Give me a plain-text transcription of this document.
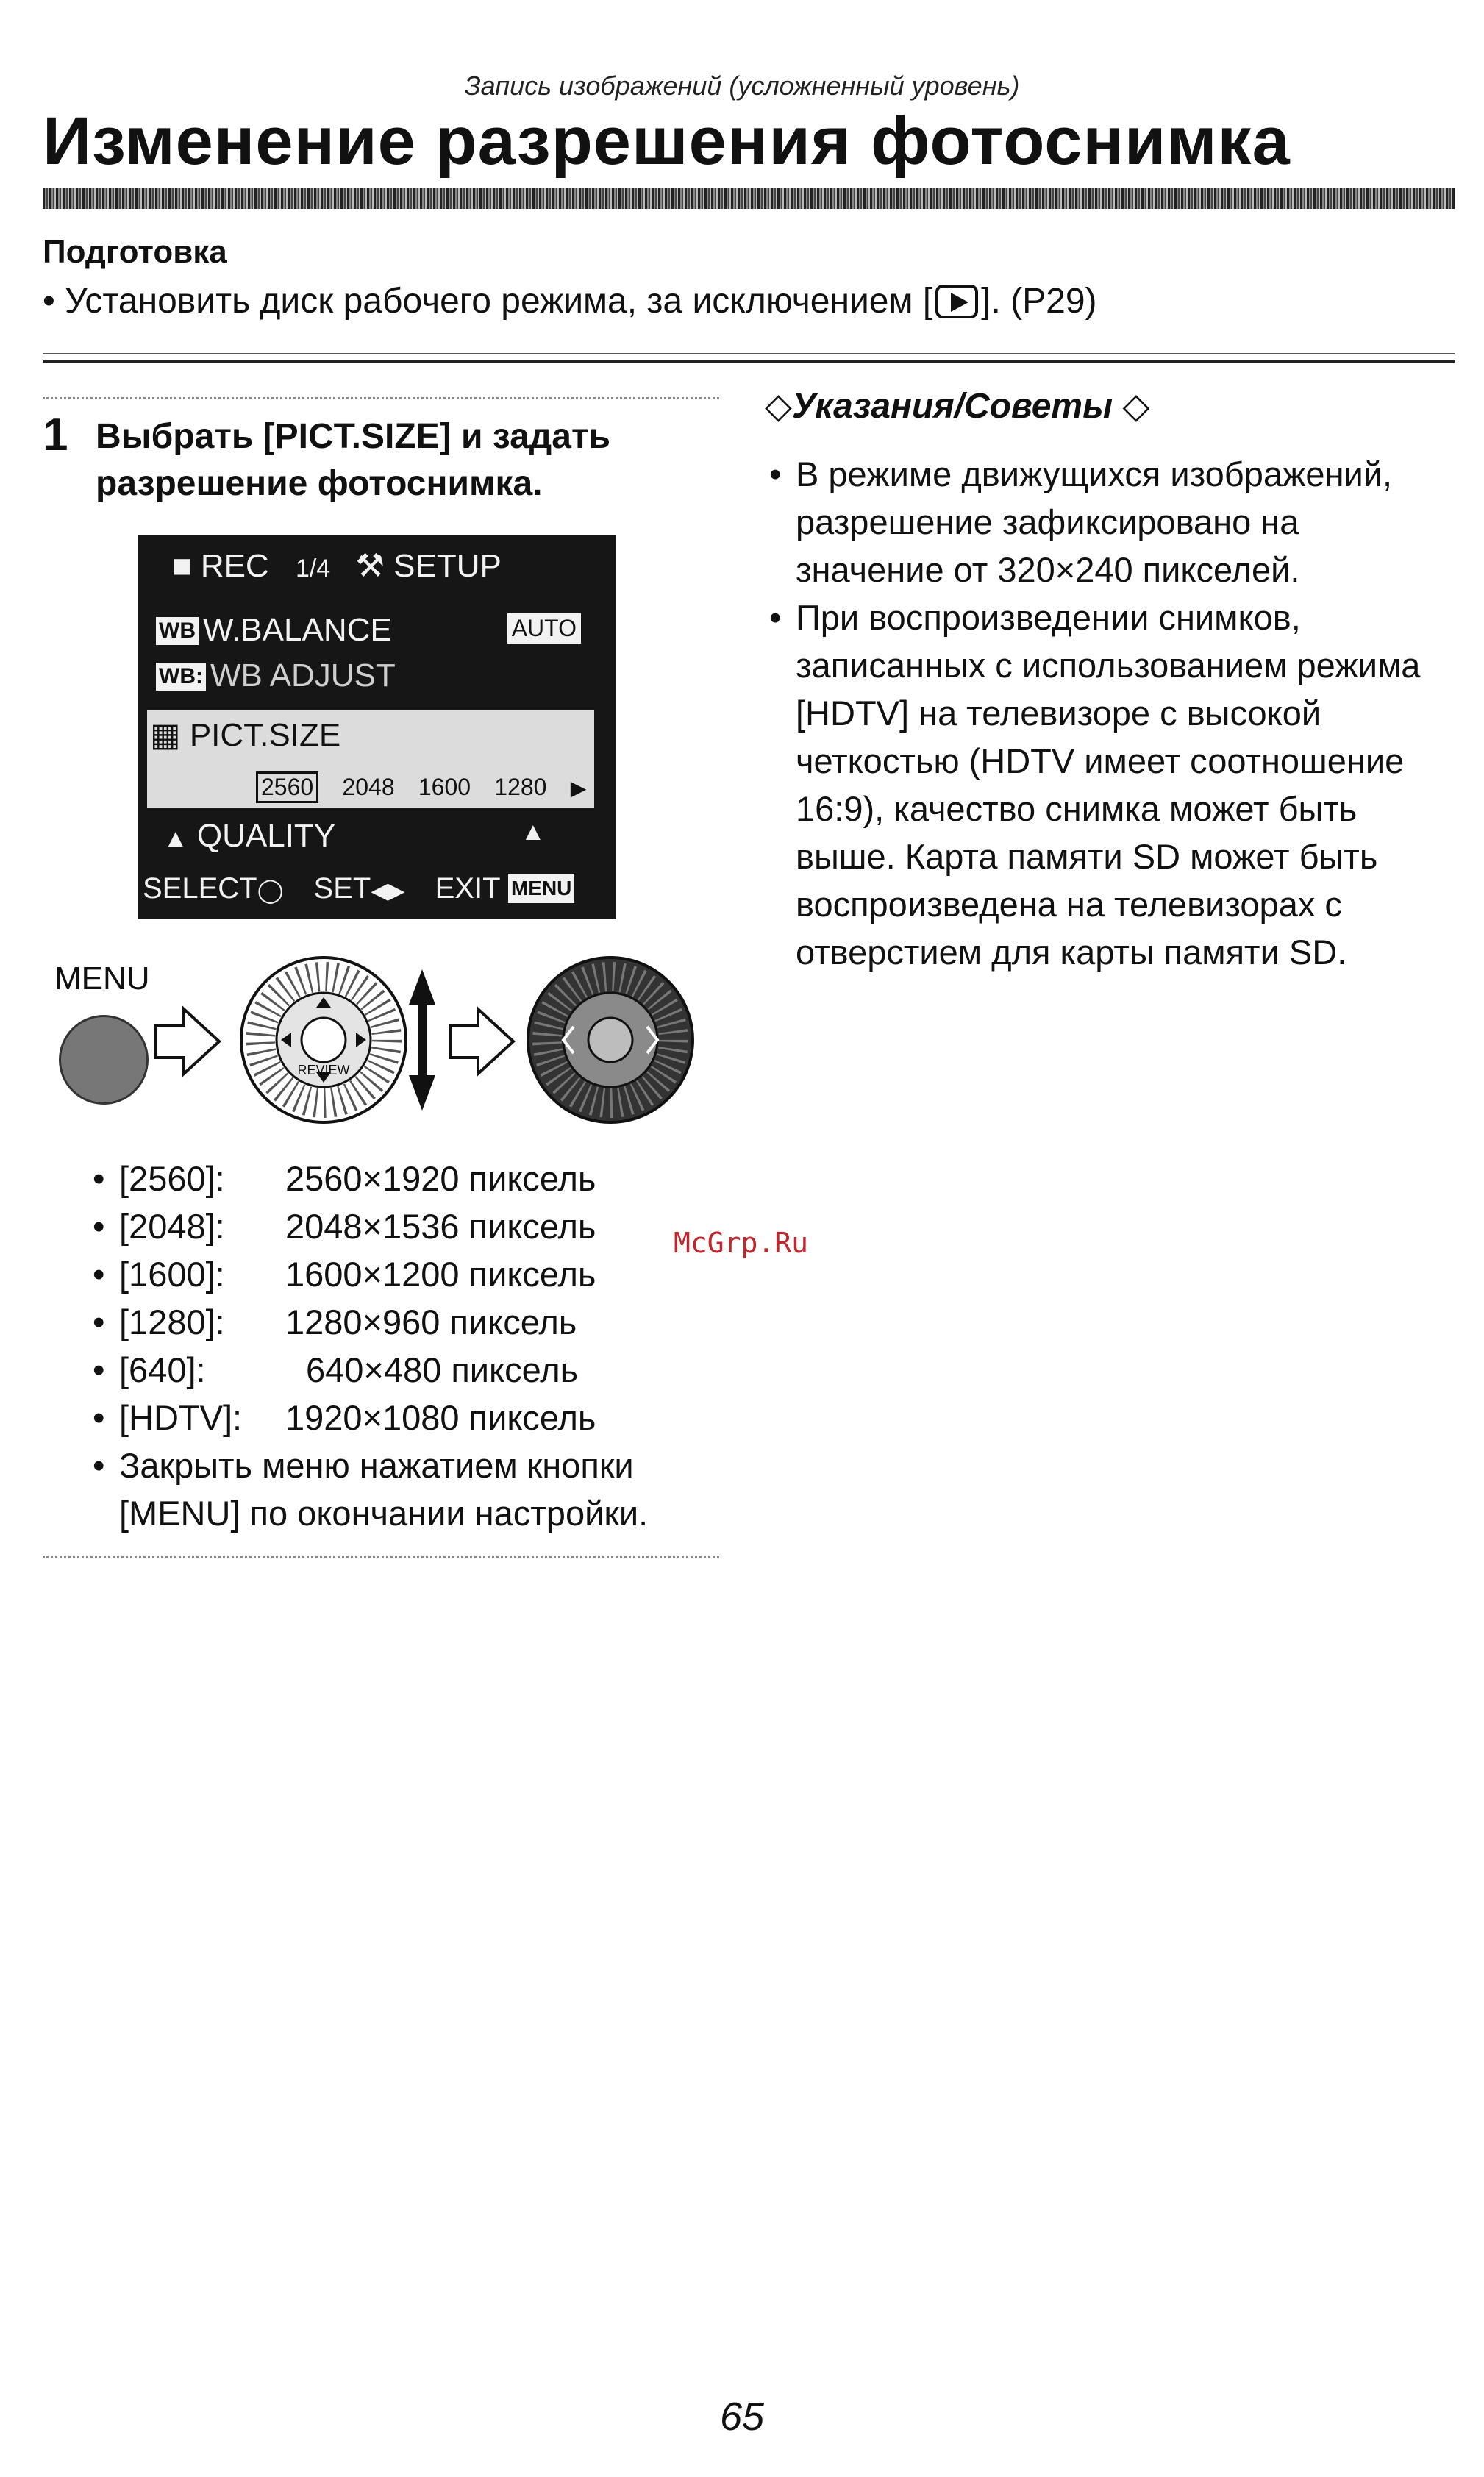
Запись изображений (усложненный уровень)
Изменение разрешения фотоснимка
Подготовка
• Установить диск рабочего режима, за исключением [ ]. (P29)
1 Выбрать [PICT.SIZE] и задать разрешение фотоснимка.
■ REC 1/4 ⚒ SETUP
WB W.BALANCE	AUTO
WB: WB ADJUST
▦ PICT.SIZE
2560 2048 1600 1280 ▶
▲ QUALITY	▲
SELECT◯ SET◀▶ EXIT MENU
MENU
REVIEW
• [2560]: 2560×1920 пиксель
• [2048]: 2048×1536 пиксель
• [1600]: 1600×1200 пиксель
• [1280]: 1280×960 пиксель
• [640]:	640×480 пиксель
• [HDTV]: 1920×1080 пиксель
• Закрыть меню нажатием кнопки [MENU] по окончании настройки.
◇Указания/Советы ◇
• В режиме движущихся изображений, разрешение зафиксировано на значение от 320×240 пикселей.
• При воспроизведении снимков, записанных с использованием режима [HDTV] на телевизоре с высокой четкостью (HDTV имеет соотношение 16:9), качество снимка может быть выше. Карта памяти SD может быть воспроизведена на телевизорах с отверстием для карты памяти SD.
McGrp.Ru
65
